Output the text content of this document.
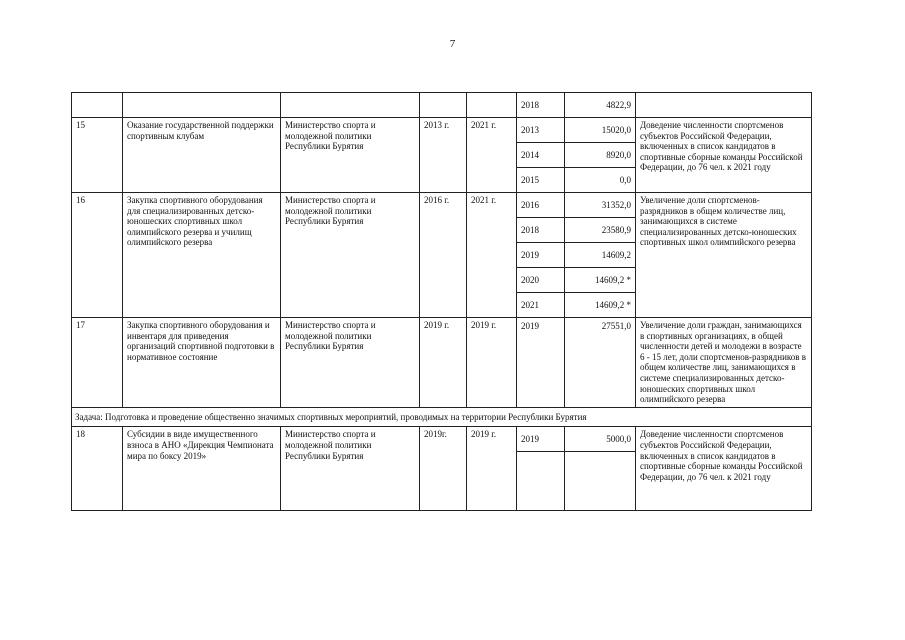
7
					2018	4822,9	
15	Оказание государственной поддержки спортивным клубам	Министерство спорта и молодежной политики Республики Бурятия	2013 г.	2021 г.	2013	15020,0	Доведение численности спортсменов субъектов Российской Федерации, включенных в список кандидатов в спортивные сборные команды Российской Федерации, до 76 чел. к 2021 году
					2014	8920,0	
					2015	0,0	
16	Закупка спортивного оборудования для специализированных детско-юношеских спортивных школ олимпийского резерва и училищ олимпийского резерва	Министерство спорта и молодежной политики Республики Бурятия	2016 г.	2021 г.	2016	31352,0	Увеличение доли спортсменов-разрядников в общем количестве лиц, занимающихся в системе специализированных детско-юношеских спортивных школ олимпийского резерва
					2018	23580,9	
					2019	14609,2	
					2020	14609,2 *	
					2021	14609,2 *	
17	Закупка спортивного оборудования и инвентаря для приведения организаций спортивной подготовки в нормативное состояние	Министерство спорта и молодежной политики Республики Бурятия	2019 г.	2019 г.	2019	27551,0	Увеличение доли граждан, занимающихся в спортивных организациях, в общей численности детей и молодежи в возрасте 6 - 15 лет, доли спортсменов-разрядников в общем количестве лиц, занимающихся в системе специализированных детско-юношеских спортивных школ олимпийского резерва
Задача: Подготовка и проведение общественно значимых спортивных мероприятий, проводимых на территории Республики Бурятия							
18	Субсидии в виде имущественного взноса в АНО «Дирекция Чемпионата мира по боксу 2019»	Министерство спорта и молодежной политики Республики Бурятия	2019г.	2019 г.	2019	5000,0	Доведение численности спортсменов субъектов Российской Федерации, включенных в список кандидатов в спортивные сборные команды Российской Федерации, до 76 чел. к 2021 году
